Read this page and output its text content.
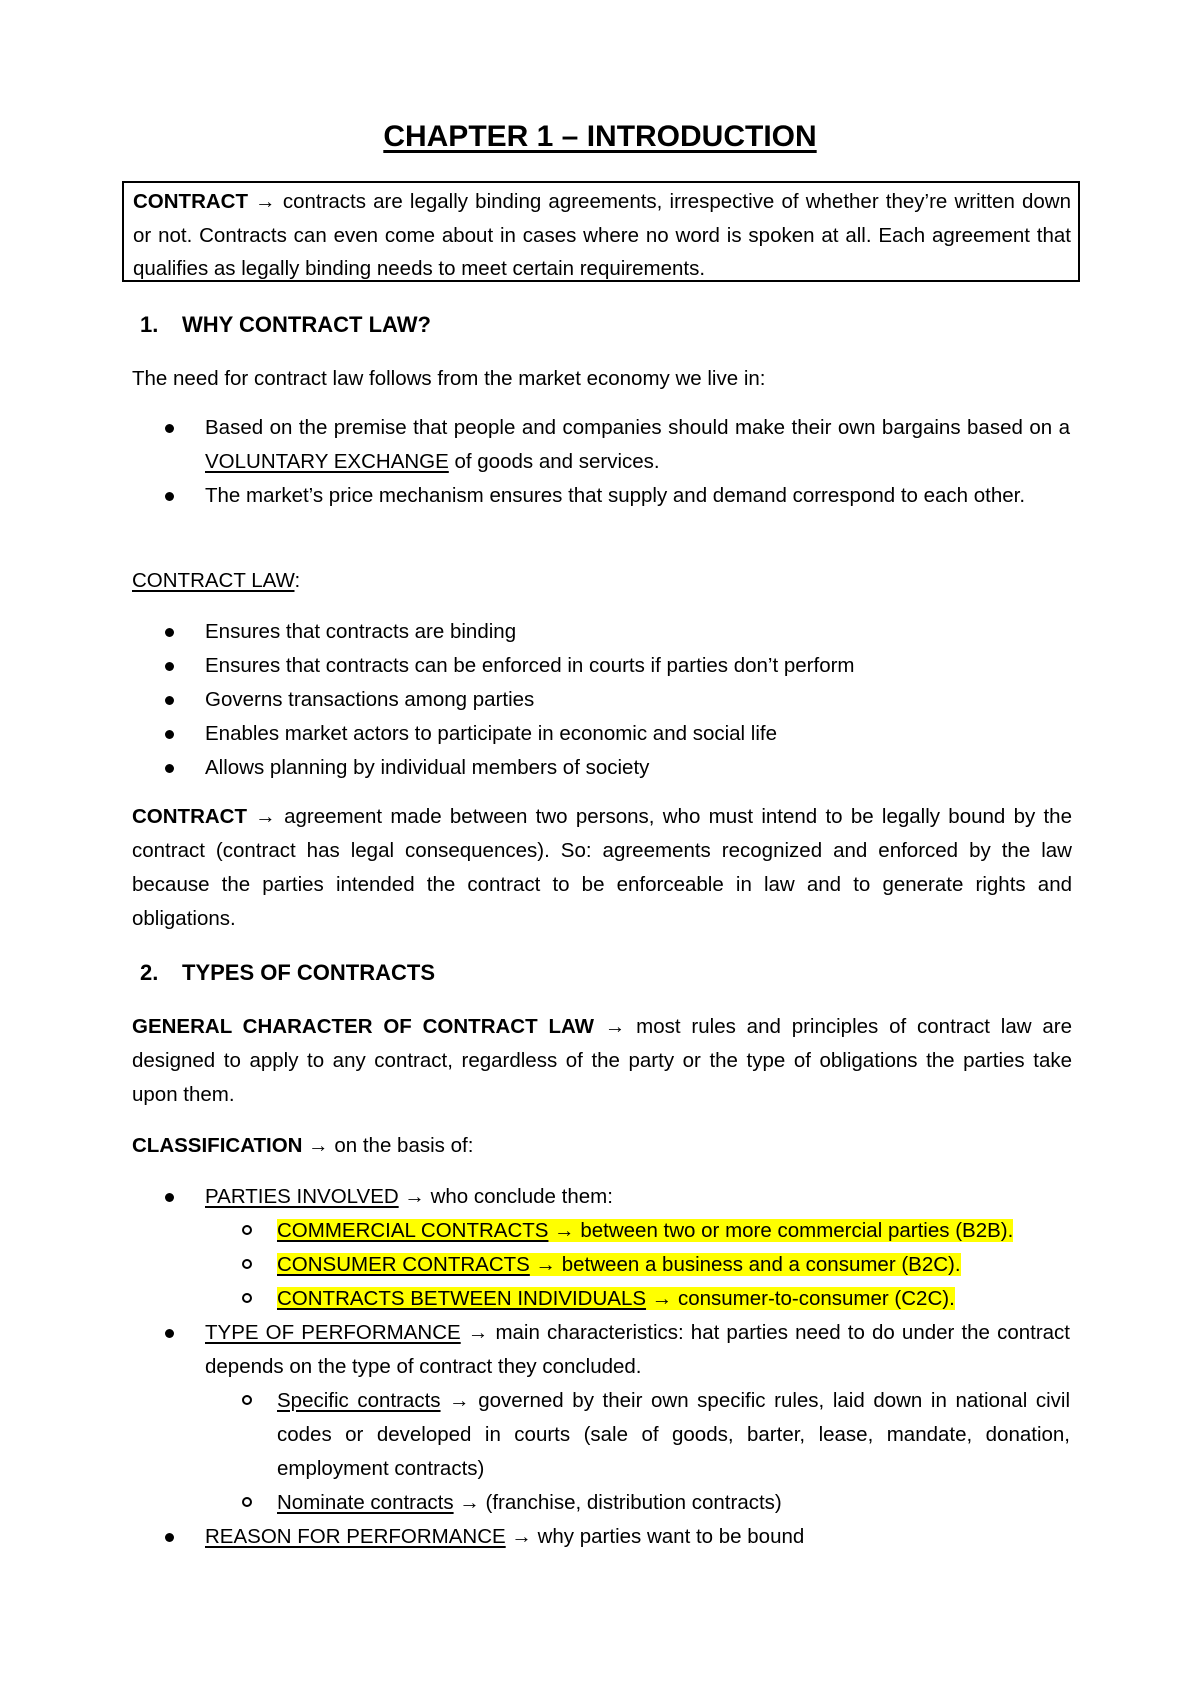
CHAPTER 1 – INTRODUCTION
CONTRACT → contracts are legally binding agreements, irrespective of whether they’re written down or not. Contracts can even come about in cases where no word is spoken at all. Each agreement that qualifies as legally binding needs to meet certain requirements.
1. WHY CONTRACT LAW?
The need for contract law follows from the market economy we live in:
Based on the premise that people and companies should make their own bargains based on a VOLUNTARY EXCHANGE of goods and services.
The market’s price mechanism ensures that supply and demand correspond to each other.
CONTRACT LAW:
Ensures that contracts are binding
Ensures that contracts can be enforced in courts if parties don’t perform
Governs transactions among parties
Enables market actors to participate in economic and social life
Allows planning by individual members of society
CONTRACT → agreement made between two persons, who must intend to be legally bound by the contract (contract has legal consequences). So: agreements recognized and enforced by the law because the parties intended the contract to be enforceable in law and to generate rights and obligations.
2. TYPES OF CONTRACTS
GENERAL CHARACTER OF CONTRACT LAW → most rules and principles of contract law are designed to apply to any contract, regardless of the party or the type of obligations the parties take upon them.
CLASSIFICATION → on the basis of:
PARTIES INVOLVED → who conclude them:
COMMERCIAL CONTRACTS → between two or more commercial parties (B2B).
CONSUMER CONTRACTS → between a business and a consumer (B2C).
CONTRACTS BETWEEN INDIVIDUALS → consumer-to-consumer (C2C).
TYPE OF PERFORMANCE → main characteristics: hat parties need to do under the contract depends on the type of contract they concluded.
Specific contracts → governed by their own specific rules, laid down in national civil codes or developed in courts (sale of goods, barter, lease, mandate, donation, employment contracts)
Nominate contracts → (franchise, distribution contracts)
REASON FOR PERFORMANCE → why parties want to be bound
